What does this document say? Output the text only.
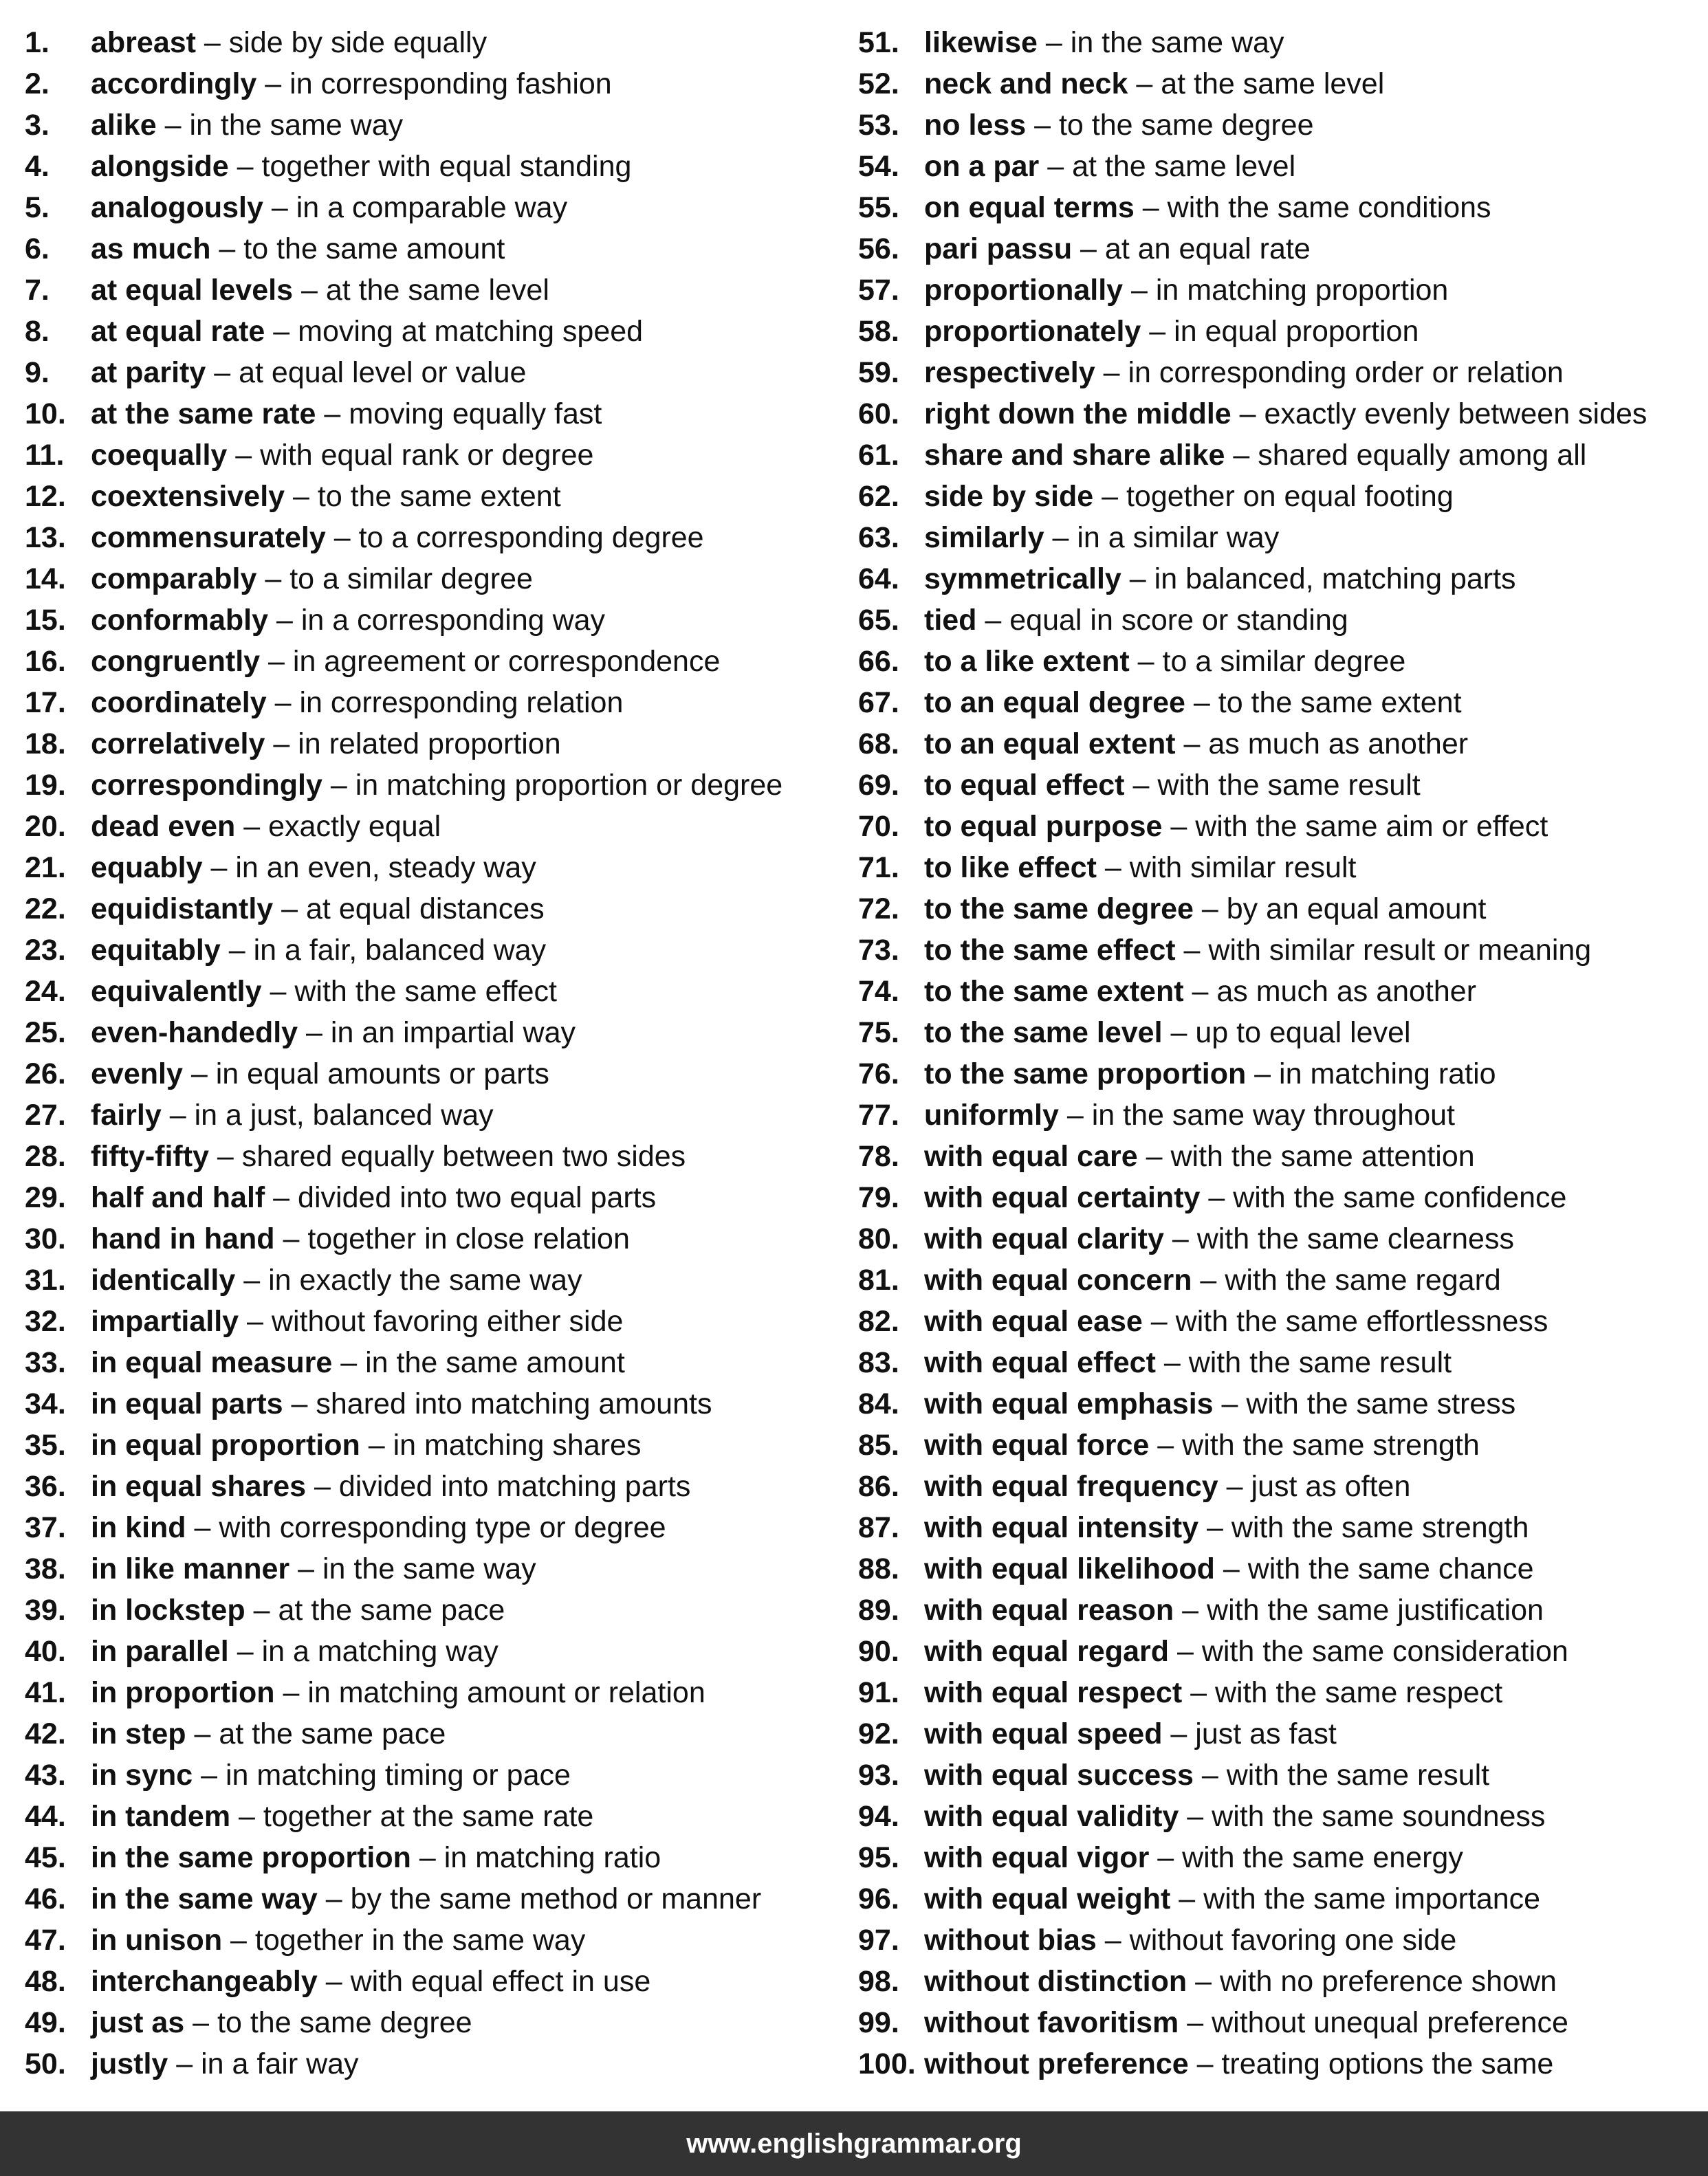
1.	abreast – side by side equally
2.	accordingly – in corresponding fashion
3.	alike – in the same way
4.	alongside – together with equal standing
5.	analogously – in a comparable way
6.	as much – to the same amount
7.	at equal levels – at the same level
8.	at equal rate – moving at matching speed
9.	at parity – at equal level or value
10. at the same rate – moving equally fast
11. coequally – with equal rank or degree
12. coextensively – to the same extent
13. commensurately – to a corresponding degree
14. comparably – to a similar degree
15. conformably – in a corresponding way
16. congruently – in agreement or correspondence
17. coordinately – in corresponding relation
18. correlatively – in related proportion
19. correspondingly – in matching proportion or degree
20. dead even – exactly equal
21. equably – in an even, steady way
22. equidistantly – at equal distances
23. equitably – in a fair, balanced way
24. equivalently – with the same effect
25. even-handedly – in an impartial way
26. evenly – in equal amounts or parts
27. fairly – in a just, balanced way
28. fifty-fifty – shared equally between two sides
29. half and half – divided into two equal parts
30. hand in hand – together in close relation
31. identically – in exactly the same way
32. impartially – without favoring either side
33. in equal measure – in the same amount
34. in equal parts – shared into matching amounts
35. in equal proportion – in matching shares
36. in equal shares – divided into matching parts
37. in kind – with corresponding type or degree
38. in like manner – in the same way
39. in lockstep – at the same pace
40. in parallel – in a matching way
41. in proportion – in matching amount or relation
42. in step – at the same pace
43. in sync – in matching timing or pace
44. in tandem – together at the same rate
45. in the same proportion – in matching ratio
46. in the same way – by the same method or manner
47. in unison – together in the same way
48. interchangeably – with equal effect in use
49. just as – to the same degree
50. justly – in a fair way
51. likewise – in the same way
52. neck and neck – at the same level
53. no less – to the same degree
54. on a par – at the same level
55. on equal terms – with the same conditions
56. pari passu – at an equal rate
57. proportionally – in matching proportion
58. proportionately – in equal proportion
59. respectively – in corresponding order or relation
60. right down the middle – exactly evenly between sides
61. share and share alike – shared equally among all
62. side by side – together on equal footing
63. similarly – in a similar way
64. symmetrically – in balanced, matching parts
65. tied – equal in score or standing
66. to a like extent – to a similar degree
67. to an equal degree – to the same extent
68. to an equal extent – as much as another
69. to equal effect – with the same result
70. to equal purpose – with the same aim or effect
71. to like effect – with similar result
72. to the same degree – by an equal amount
73. to the same effect – with similar result or meaning
74. to the same extent – as much as another
75. to the same level – up to equal level
76. to the same proportion – in matching ratio
77. uniformly – in the same way throughout
78. with equal care – with the same attention
79. with equal certainty – with the same confidence
80. with equal clarity – with the same clearness
81. with equal concern – with the same regard
82. with equal ease – with the same effortlessness
83. with equal effect – with the same result
84. with equal emphasis – with the same stress
85. with equal force – with the same strength
86. with equal frequency – just as often
87. with equal intensity – with the same strength
88. with equal likelihood – with the same chance
89. with equal reason – with the same justification
90. with equal regard – with the same consideration
91. with equal respect – with the same respect
92. with equal speed – just as fast
93. with equal success – with the same result
94. with equal validity – with the same soundness
95. with equal vigor – with the same energy
96. with equal weight – with the same importance
97. without bias – without favoring one side
98. without distinction – with no preference shown
99. without favoritism – without unequal preference
100. without preference – treating options the same
www.englishgrammar.org
